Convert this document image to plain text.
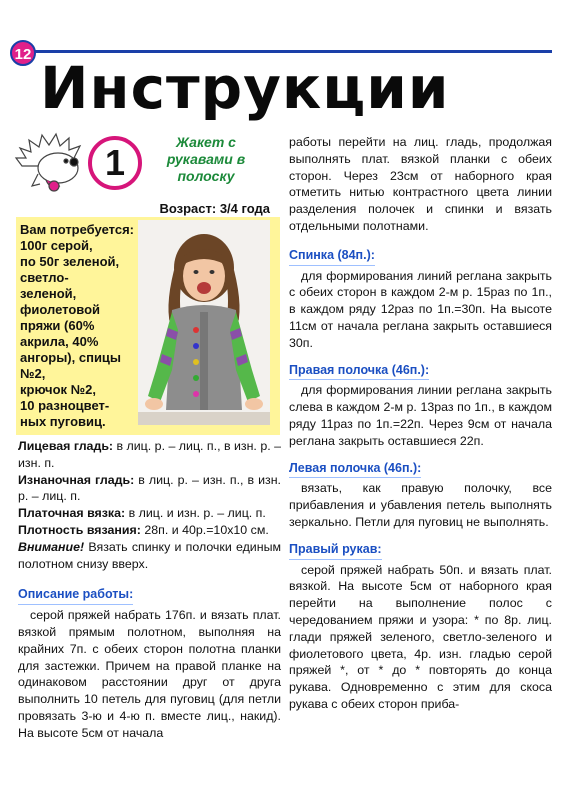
12 Инструкции
1	Жакет с рукавами в полоску
Возраст: 3/4 года
Вам потребуется:
100г серой,
по 50г зеленой,
светло-
зеленой,
фиолетовой
пряжи (60%
акрила, 40%
ангоры), спицы
№2,
крючок №2,
10 разноцвет-
ных пуговиц.
Лицевая гладь: в лиц. р. – лиц. п., в изн. р. – изн. п.
Изнаночная гладь: в лиц. р. – изн. п., в изн. р. – лиц. п.
Платочная вязка: в лиц. и изн. р. – лиц. п.
Плотность вязания: 28п. и 40р.=10х10 см.
Внимание! Вязать спинку и полочки единым полотном снизу вверх.
Описание работы:
серой пряжей набрать 176п. и вязать плат. вязкой прямым полотном, выполняя на крайних 7п. с обеих сторон полотна планки для застежки. Причем на правой планке на одинаковом расстоянии друг от друга выполнить 10 петель для пуговиц (для петли провязать 3-ю и 4-ю п. вместе лиц., накид). На высоте 5см от начала
работы перейти на лиц. гладь, продолжая выполнять плат. вязкой планки с обеих сторон. Через 23см от наборного края отметить нитью контрастного цвета линии разделения полочек и спинки и вязать отдельными полотнами.
Спинка (84п.):
для формирования линий реглана закрыть с обеих сторон в каждом 2-м р. 15раз по 1п., в каждом ряду 12раз по 1п.=30п. На высоте 11см от начала реглана закрыть оставшиеся 30п.
Правая полочка (46п.):
для формирования линии реглана закрыть слева в каждом 2-м р. 13раз по 1п., в каждом ряду 11раз по 1п.=22п. Через 9см от начала реглана закрыть оставшиеся 22п.
Левая полочка (46п.):
вязать, как правую полочку, все прибавления и убавления петель выполнять зеркально. Петли для пуговиц не выполнять.
Правый рукав:
серой пряжей набрать 50п. и вязать плат. вязкой. На высоте 5см от наборного края перейти на выполнение полос с чередованием пряжи и узора: * по 8р. лиц. глади пряжей зеленого, светло-зеленого и фиолетового цвета, 4р. изн. гладью серой пряжей *, от * до * повторять до конца рукава. Одновременно с этим для скоса рукава с обеих сторон приба-
